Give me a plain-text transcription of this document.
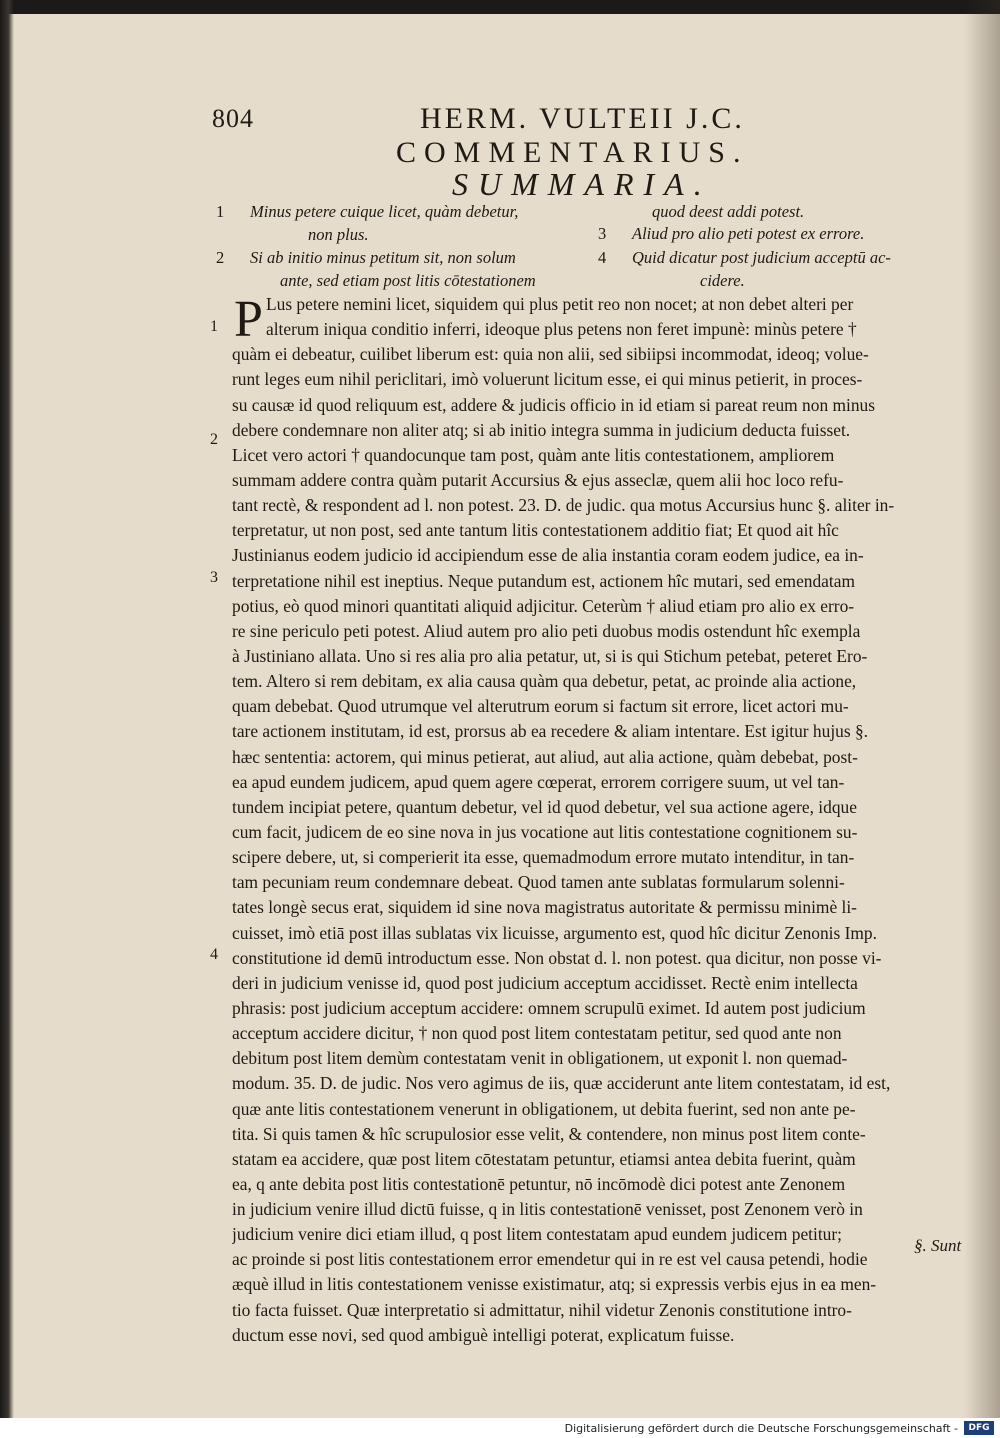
804	HERM. VULTEII J.C.
COMMENTARIUS.
SUMMARIA.
1 Minus petere cuique licet, quàm debetur,
non plus.
2 Si ab initio minus petitum sit, non solum
ante, sed etiam post litis cōtestationem
quod deest addi potest.
3 Aliud pro alio peti potest ex errore.
4 Quid dicatur post judicium acceptū ac-
cidere.
P
1
2
3
4
Lus petere nemini licet, siquidem qui plus petit reo non nocet; at non debet alteri per
alterum iniqua conditio inferri, ideoque plus petens non feret impunè: minùs petere †
quàm ei debeatur, cuilibet liberum est: quia non alii, sed sibiipsi incommodat, ideoq; volue-
runt leges eum nihil periclitari, imò voluerunt licitum esse, ei qui minus petierit, in proces-
su causæ id quod reliquum est, addere & judicis officio in id etiam si pareat reum non minus
debere condemnare non aliter atq; si ab initio integra summa in judicium deducta fuisset.
Licet vero actori † quandocunque tam post, quàm ante litis contestationem, ampliorem
summam addere contra quàm putarit Accursius & ejus asseclæ, quem alii hoc loco refu-
tant rectè, & respondent ad l. non potest. 23. D. de judic. qua motus Accursius hunc §. aliter in-
terpretatur, ut non post, sed ante tantum litis contestationem additio fiat; Et quod ait hîc
Justinianus eodem judicio id accipiendum esse de alia instantia coram eodem judice, ea in-
terpretatione nihil est ineptius. Neque putandum est, actionem hîc mutari, sed emendatam
potius, eò quod minori quantitati aliquid adjicitur. Ceterùm † aliud etiam pro alio ex erro-
re sine periculo peti potest. Aliud autem pro alio peti duobus modis ostendunt hîc exempla
à Justiniano allata. Uno si res alia pro alia petatur, ut, si is qui Stichum petebat, peteret Ero-
tem. Altero si rem debitam, ex alia causa quàm qua debetur, petat, ac proinde alia actione,
quam debebat. Quod utrumque vel alterutrum eorum si factum sit errore, licet actori mu-
tare actionem institutam, id est, prorsus ab ea recedere & aliam intentare. Est igitur hujus §.
hæc sententia: actorem, qui minus petierat, aut aliud, aut alia actione, quàm debebat, post-
ea apud eundem judicem, apud quem agere cœperat, errorem corrigere suum, ut vel tan-
tundem incipiat petere, quantum debetur, vel id quod debetur, vel sua actione agere, idque
cum facit, judicem de eo sine nova in jus vocatione aut litis contestatione cognitionem su-
scipere debere, ut, si comperierit ita esse, quemadmodum errore mutato intenditur, in tan-
tam pecuniam reum condemnare debeat. Quod tamen ante sublatas formularum solenni-
tates longè secus erat, siquidem id sine nova magistratus autoritate & permissu minimè li-
cuisset, imò etiā post illas sublatas vix licuisse, argumento est, quod hîc dicitur Zenonis Imp.
constitutione id demū introductum esse. Non obstat d. l. non potest. qua dicitur, non posse vi-
deri in judicium venisse id, quod post judicium acceptum accidisset. Rectè enim intellecta
phrasis: post judicium acceptum accidere: omnem scrupulū eximet. Id autem post judicium
acceptum accidere dicitur, † non quod post litem contestatam petitur, sed quod ante non
debitum post litem demùm contestatam venit in obligationem, ut exponit l. non quemad-
modum. 35. D. de judic. Nos vero agimus de iis, quæ acciderunt ante litem contestatam, id est,
quæ ante litis contestationem venerunt in obligationem, ut debita fuerint, sed non ante pe-
tita. Si quis tamen & hîc scrupulosior esse velit, & contendere, non minus post litem conte-
statam ea accidere, quæ post litem cōtestatam petuntur, etiamsi antea debita fuerint, quàm
ea, q ante debita post litis contestationē petuntur, nō incōmodè dici potest ante Zenonem
in judicium venire illud dictū fuisse, q in litis contestationē venisset, post Zenonem verò in
judicium venire dici etiam illud, q post litem contestatam apud eundem judicem petitur;
ac proinde si post litis contestationem error emendetur qui in re est vel causa petendi, hodie
æquè illud in litis contestationem venisse existimatur, atq; si expressis verbis ejus in ea men-
tio facta fuisset. Quæ interpretatio si admittatur, nihil videtur Zenonis constitutione intro-
ductum esse novi, sed quod ambiguè intelligi poterat, explicatum fuisse.
§. Sunt
Digitalisierung gefördert durch die Deutsche Forschungsgemeinschaft -	DFG
